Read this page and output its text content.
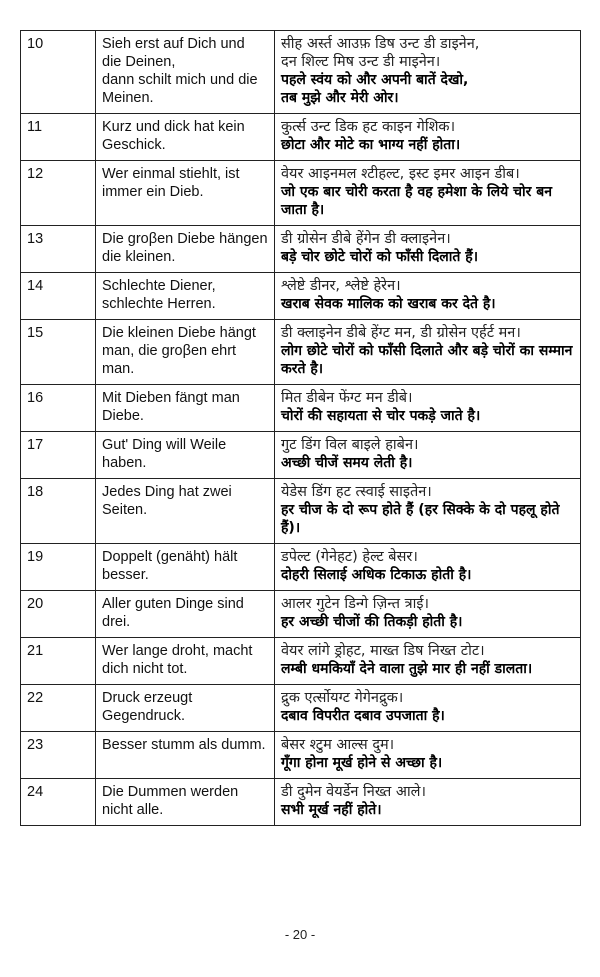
10	Sieh erst auf Dich und die Deinen,
dann schilt mich und die Meinen.	सीह अर्स्त आउफ़ डिष उन्ट डी डाइनेन,
दन शिल्ट मिष उन्ट डी माइनेन।
पहले स्वंय को और अपनी बातें देखो,
तब मुझे और मेरी ओर।

11	Kurz und dick hat kein Geschick.	कुर्त्स उन्ट डिक हट काइन गेशिक।
छोटा और मोटे का भाग्य नहीं होता।

12	Wer einmal stiehlt, ist immer ein Dieb.	वेयर आइनमल श्टीहल्ट, इस्ट इमर आइन डीब।
जो एक बार चोरी करता है वह हमेशा के लिये चोर बन जाता है।

13	Die groβen Diebe hängen die kleinen.	डी ग्रोसेन डीबे हेंगेन डी क्लाइनेन।
बड़े चोर छोटे चोरों को फाँसी दिलाते हैं।

14	Schlechte Diener, schlechte Herren.	श्लेष्टे डीनर, श्लेष्टे हेरेन।
खराब सेवक मालिक को खराब कर देते है।

15	Die kleinen Diebe hängt man, die groβen ehrt man.	डी क्लाइनेन डीबे हेंग्ट मन, डी ग्रोसेन एर्हर्ट मन।
लोग छोटे चोरों को फाँसी दिलाते और बड़े चोरों का सम्मान करते है।

16	Mit Dieben fängt man Diebe.	मित डीबेन फेंग्ट मन डीबे।
चोरों की सहायता से चोर पकड़े जाते है।

17	Gut' Ding will Weile haben.	गुट डिंग विल बाइले हाबेन।
अच्छी चीजें समय लेती है।

18	Jedes Ding hat zwei Seiten.	येडेस डिंग हट त्स्वाई साइतेन।
हर चीज के दो रूप होते हैं (हर सिक्के के दो पहलू होते हैं)।

19	Doppelt (genäht) hält besser.	डपेल्ट (गेनेहट) हेल्ट बेसर।
दोहरी सिलाई अधिक टिकाऊ होती है।

20	Aller guten Dinge sind drei.	आलर गुटेन डिन्गे ज़िन्त त्राई।
हर अच्छी चीजों की तिकड़ी होती है।

21	Wer lange droht, macht dich nicht tot.	वेयर लांगे ड्रोहट, माख्त डिष निख्त टोट।
लम्बी धमकियाँ देने वाला तुझे मार ही नहीं डालता।

22	Druck erzeugt Gegendruck.	द्रुक एर्त्सोयग्ट गेगेनद्रुक।
दबाव विपरीत दबाव उपजाता है।

23	Besser stumm als dumm.	बेसर श्टुम आल्स दुम।
गूँगा होना मूर्ख होने से अच्छा है।

24	Die Dummen werden nicht alle.	डी दुमेन वेयर्डेन निख्त आले।
सभी मूर्ख नहीं होते।
- 20 -
